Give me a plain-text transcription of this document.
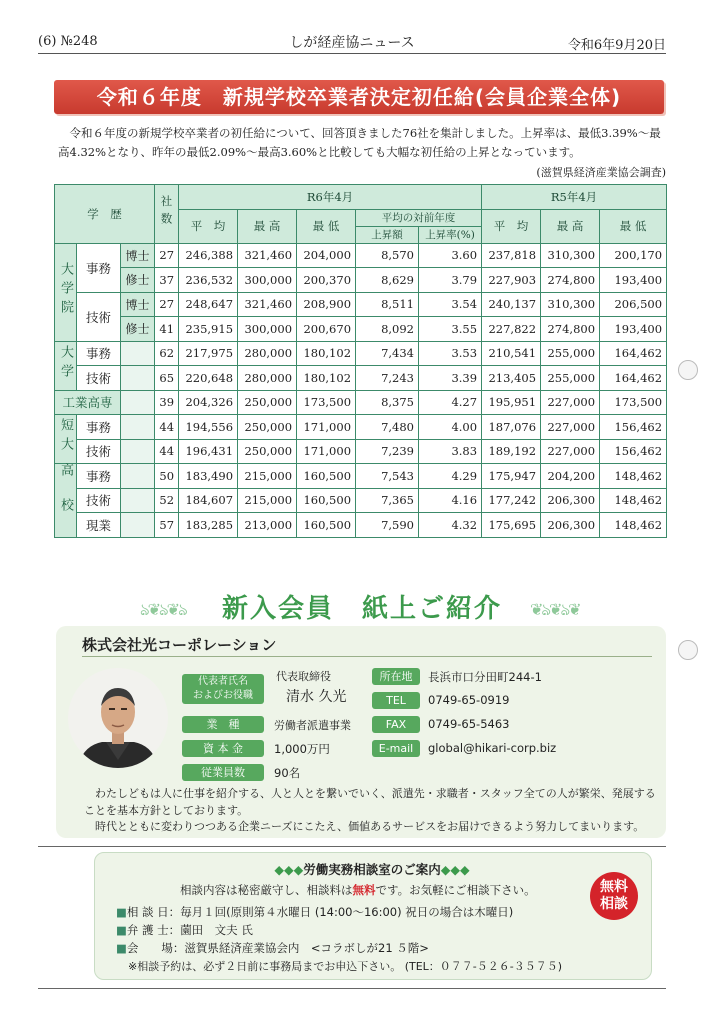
(6) №248	しが経産協ニュース	令和6年9月20日
令和６年度　新規学校卒業者決定初任給(会員企業全体)
令和６年度の新規学校卒業者の初任給について、回答頂きました76社を集計しました。上昇率は、最低3.39%～最高4.32%となり、昨年の最低2.09%～最高3.60%と比較しても大幅な初任給の上昇となっています。
(滋賀県経済産業協会調査)
学　歴			社数	R6年4月					R5年4月		
				平　均	最 高	最 低	平均の対前年度		平　均	最 高	最 低
							上昇額	上昇率(%)			
大学院	事務	博士	27	246,388	321,460	204,000	8,570	3.60	237,818	310,300	200,170
		修士	37	236,532	300,000	200,370	8,629	3.79	227,903	274,800	193,400
	技術	博士	27	248,647	321,460	208,900	8,511	3.54	240,137	310,300	206,500
		修士	41	235,915	300,000	200,670	8,092	3.55	227,822	274,800	193,400
大学	事務		62	217,975	280,000	180,102	7,434	3.53	210,541	255,000	164,462
	技術		65	220,648	280,000	180,102	7,243	3.39	213,405	255,000	164,462
工業高専			39	204,326	250,000	173,500	8,375	4.27	195,951	227,000	173,500
短大	事務		44	194,556	250,000	171,000	7,480	4.00	187,076	227,000	156,462
	技術		44	196,431	250,000	171,000	7,239	3.83	189,192	227,000	156,462
高校	事務		50	183,490	215,000	160,500	7,543	4.29	175,947	204,200	148,462
	技術		52	184,607	215,000	160,500	7,365	4.16	177,242	206,300	148,462
	現業		57	183,285	213,000	160,500	7,590	4.32	175,695	206,300	148,462
ঌ❦ঌ❦ঌ	新入会員　紙上ご紹介	❦ঌ❦ঌ❦
株式会社光コーポレーション
代表者氏名
およびお役職
代表取締役
清水 久光
業　種	労働者派遣事業
資 本 金	1,000万円
従業員数	90名
所在地	長浜市口分田町244-1
TEL	0749-65-0919
FAX	0749-65-5463
E-mail	global@hikari-corp.biz

わたしどもは人に仕事を紹介する、人と人とを繋いでいく、派遣先・求職者・スタッフ全ての人が繁栄、発展することを基本方針としております。

時代とともに変わりつつある企業ニーズにこたえ、価値あるサービスをお届けできるよう努力してまいります。

◆◆◆労働実務相談室のご案内◆◆◆
相談内容は秘密厳守し、相談料は無料です。お気軽にご相談下さい。
■相 談 日：毎月１回(原則第４水曜日 (14:00～16:00) 祝日の場合は木曜日)
■弁 護 士：薗田　文夫 氏
■会　　場：滋賀県経済産業協会内　<コラボしが21 ５階>
※相談予約は、必ず２日前に事務局までお申込下さい。 (TEL：０７７-５２６-３５７５)
無料
相談
